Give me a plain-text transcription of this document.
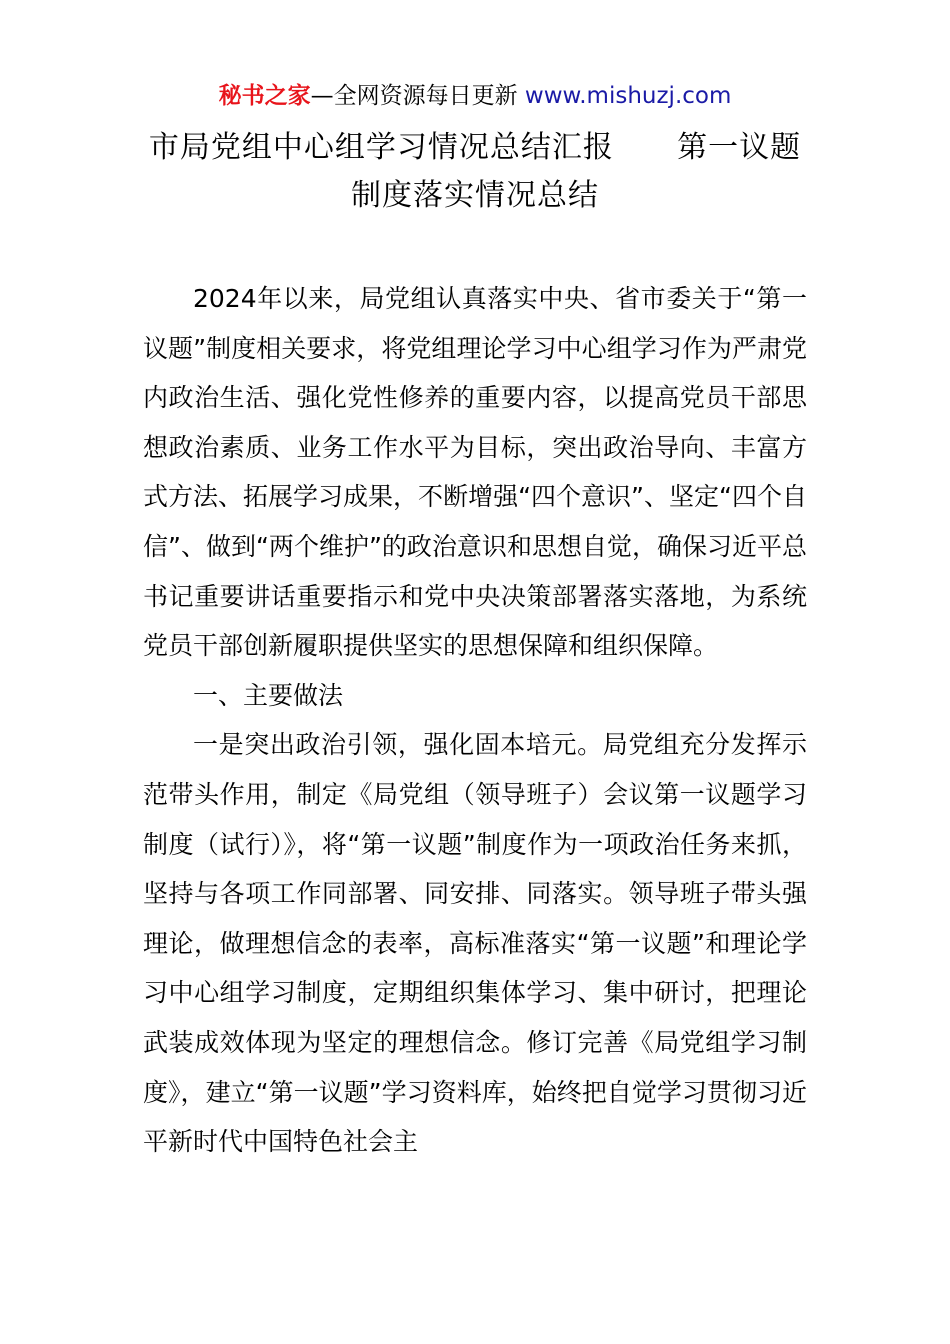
秘书之家—全网资源每日更新 www.mishuzj.com
市局党组中心组学习情况总结汇报      第一议题
制度落实情况总结

2024年以来，局党组认真落实中央、省市委关于“第一议题”制度相关要求，将党组理论学习中心组学习作为严肃党内政治生活、强化党性修养的重要内容，以提高党员干部思想政治素质、业务工作水平为目标，突出政治导向、丰富方式方法、拓展学习成果，不断增强“四个意识”、坚定“四个自信”、做到“两个维护”的政治意识和思想自觉，确保习近平总书记重要讲话重要指示和党中央决策部署落实落地，为系统党员干部创新履职提供坚实的思想保障和组织保障。

一、主要做法

一是突出政治引领，强化固本培元。局党组充分发挥示范带头作用，制定《局党组（领导班子）会议第一议题学习制度（试行）》，将“第一议题”制度作为一项政治任务来抓，坚持与各项工作同部署、同安排、同落实。领导班子带头强理论，做理想信念的表率，高标准落实“第一议题”和理论学习中心组学习制度，定期组织集体学习、集中研讨，把理论武装成效体现为坚定的理想信念。修订完善《局党组学习制度》，建立“第一议题”学习资料库，始终把自觉学习贯彻习近平新时代中国特色社会主
